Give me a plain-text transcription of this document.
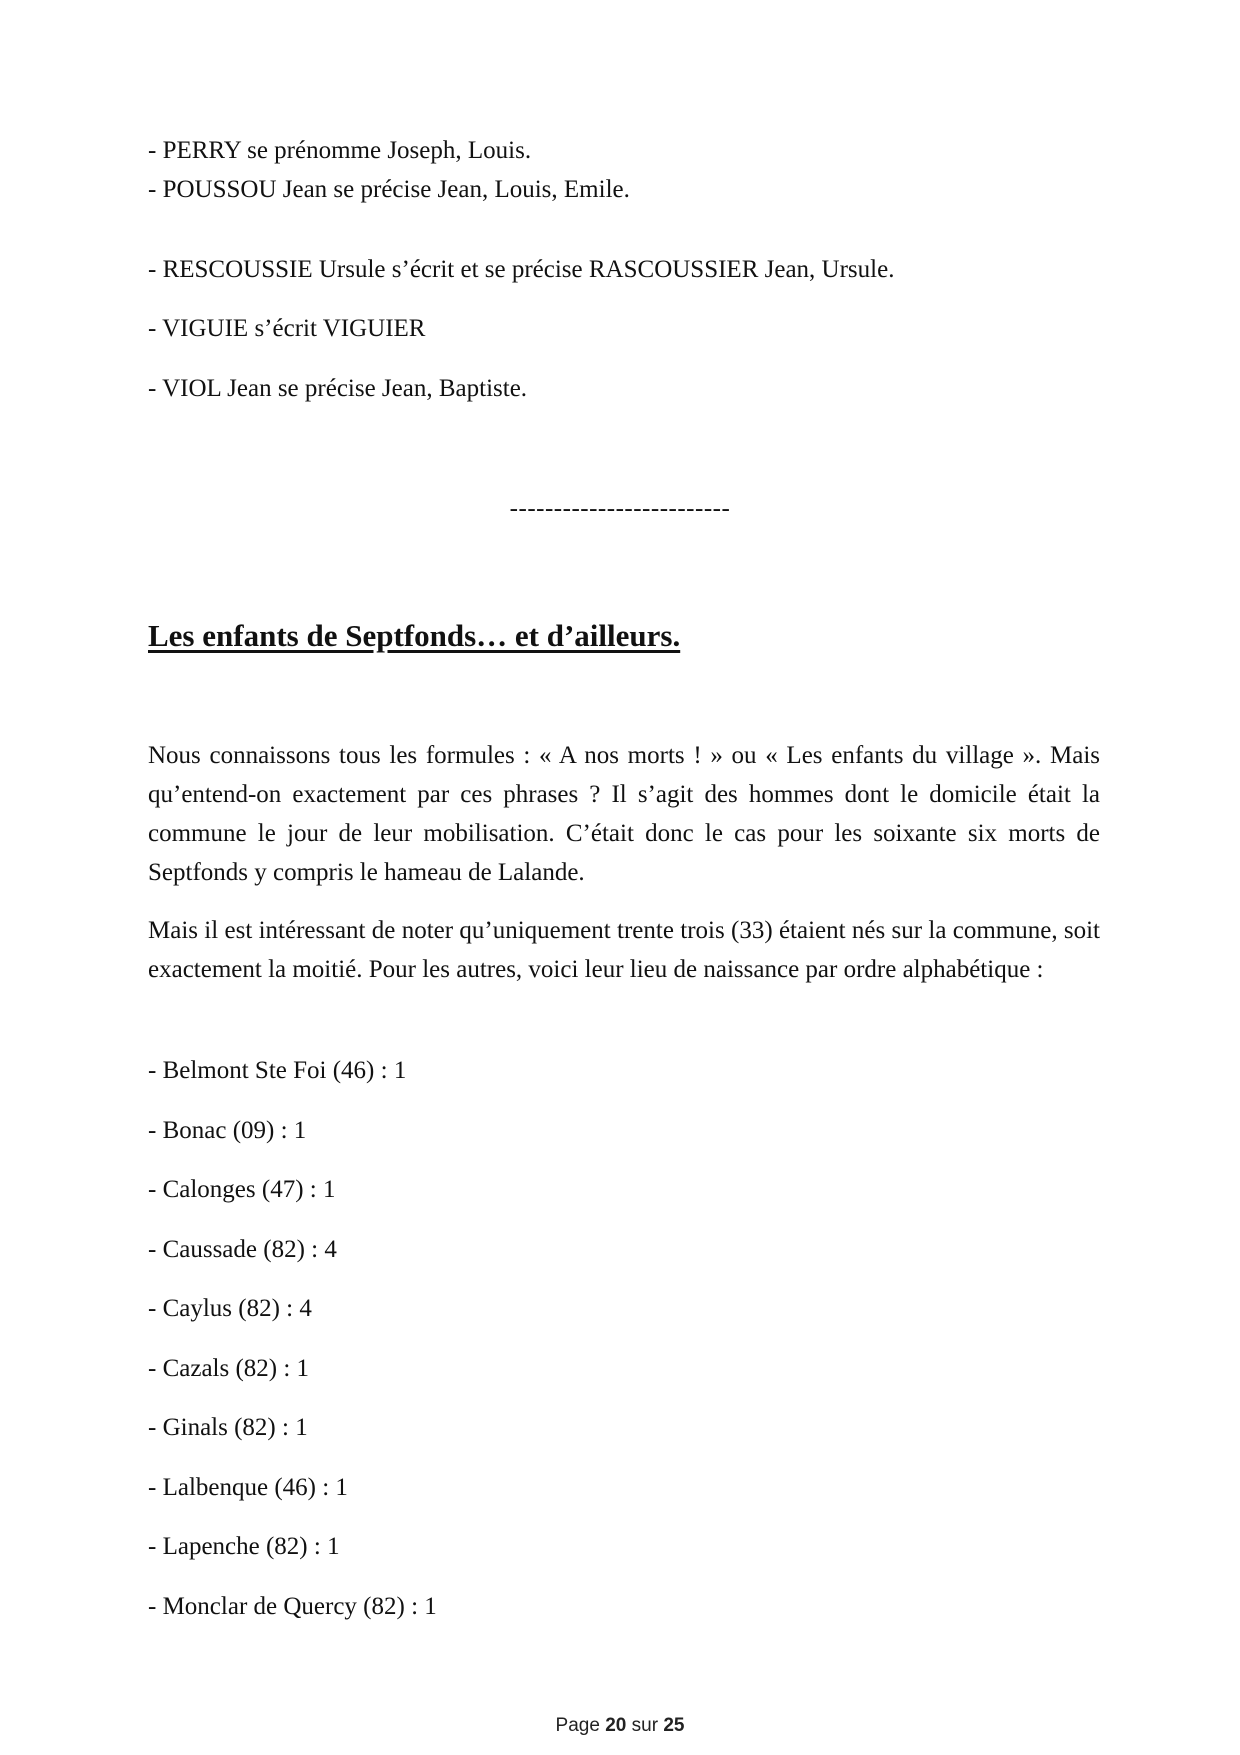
- PERRY se prénomme Joseph, Louis.

- POUSSOU Jean se précise Jean, Louis, Emile.

- RESCOUSSIE Ursule s’écrit et se précise RASCOUSSIER Jean, Ursule.

- VIGUIE s’écrit VIGUIER

- VIOL Jean se précise Jean, Baptiste.

-------------------------
Les enfants de Septfonds… et d’ailleurs.

Nous connaissons tous les formules : « A nos morts ! » ou « Les enfants du village ». Mais qu’entend-on exactement par ces phrases ? Il s’agit des hommes dont le domicile était la commune le jour de leur mobilisation. C’était donc le cas pour les soixante six morts de Septfonds y compris le hameau de Lalande.

Mais il est intéressant de noter qu’uniquement trente trois (33) étaient nés sur la commune, soit exactement la moitié. Pour les autres, voici leur lieu de naissance par ordre alphabétique :

- Belmont Ste Foi (46) : 1

- Bonac (09) : 1

- Calonges (47) : 1

- Caussade (82) : 4

- Caylus (82) : 4

- Cazals (82) : 1

- Ginals (82) : 1

- Lalbenque (46) : 1

- Lapenche (82) : 1

- Monclar de Quercy (82) : 1

Page 20 sur 25
